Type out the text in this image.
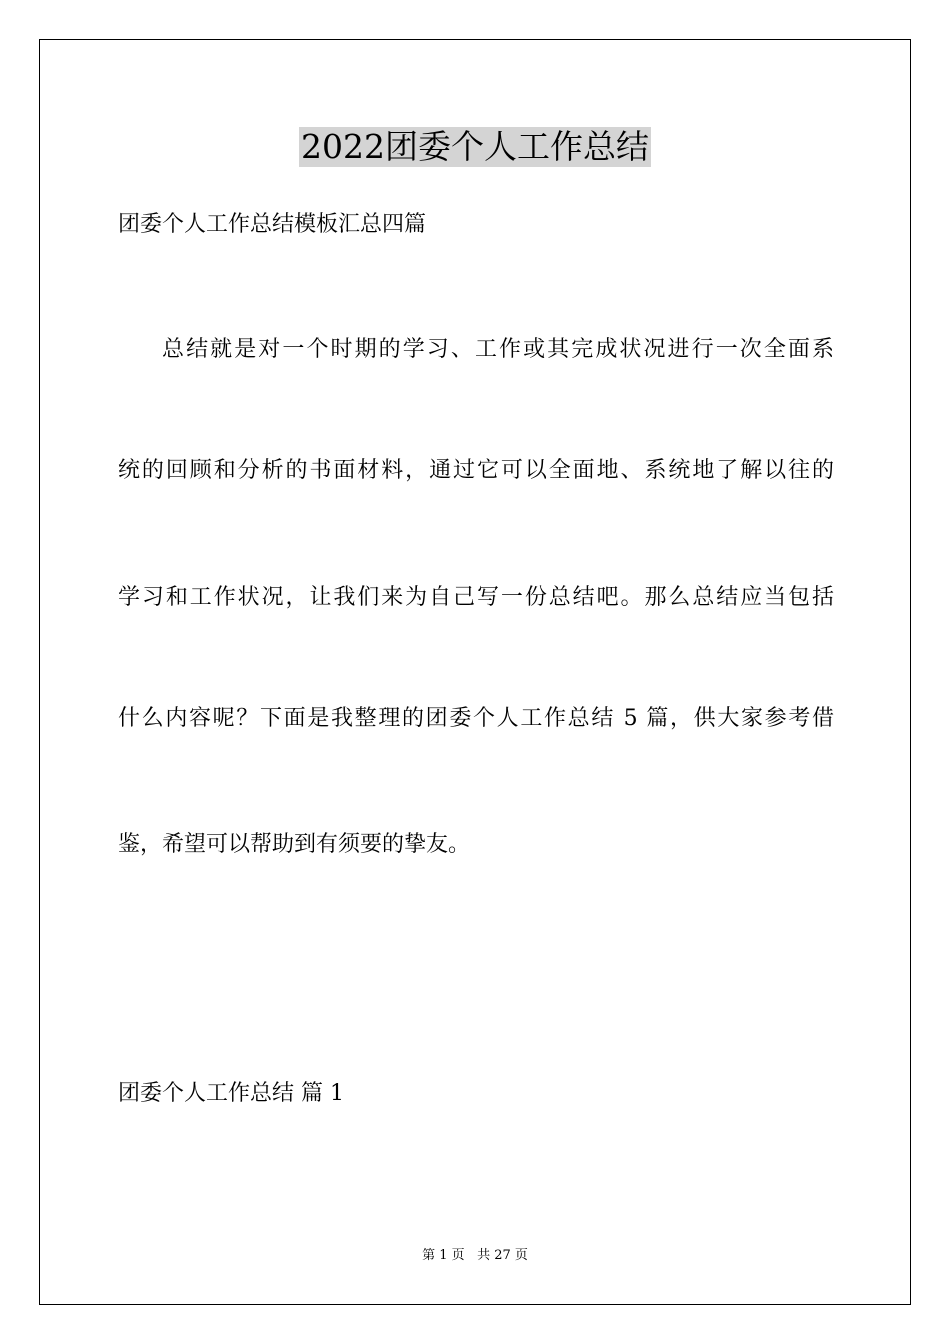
2022团委个人工作总结
团委个人工作总结模板汇总四篇
总结就是对一个时期的学习、工作或其完成状况进行一次全面系
统的回顾和分析的书面材料，通过它可以全面地、系统地了解以往的
学习和工作状况，让我们来为自己写一份总结吧。那么总结应当包括
什么内容呢？下面是我整理的团委个人工作总结 5 篇，供大家参考借
鉴，希望可以帮助到有须要的挚友。
团委个人工作总结 篇 1
第 1 页 共 27 页
